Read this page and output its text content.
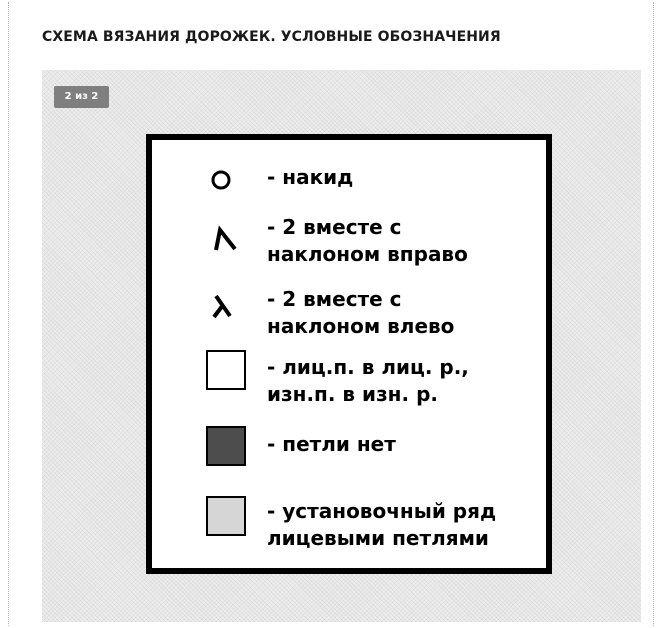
СХЕМА ВЯЗАНИЯ ДОРОЖЕК. УСЛОВНЫЕ ОБОЗНАЧЕНИЯ
2 из 2

- накид

- 2 вместе с
наклоном вправо

- 2 вместе с
наклоном влево

- лиц.п. в лиц. р.,
изн.п. в изн. р.

- петли нет

- установочный ряд
лицевыми петлями
